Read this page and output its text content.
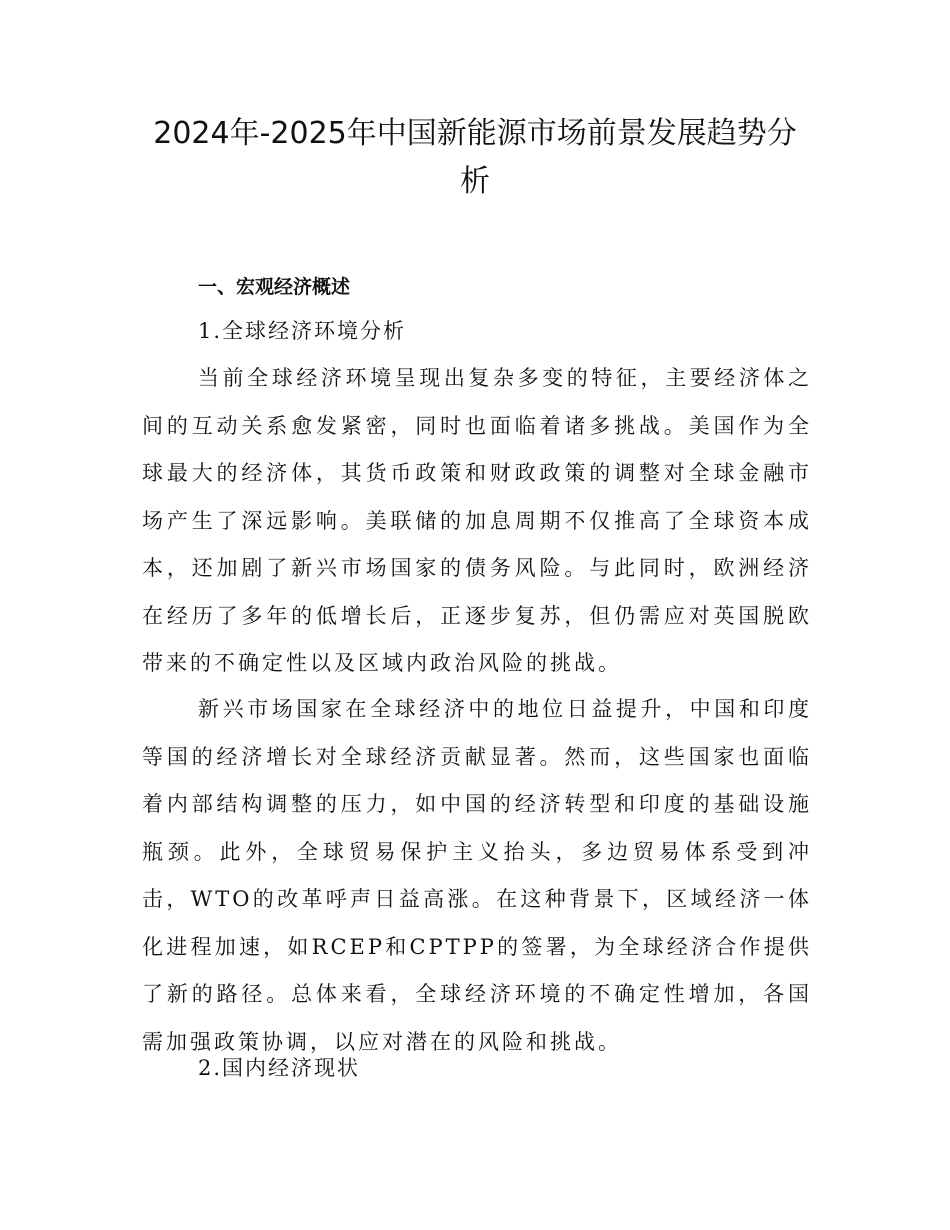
2024年-2025年中国新能源市场前景发展趋势分析
一、宏观经济概述
1.全球经济环境分析

当前全球经济环境呈现出复杂多变的特征，主要经济体之间的互动关系愈发紧密，同时也面临着诸多挑战。美国作为全球最大的经济体，其货币政策和财政政策的调整对全球金融市场产生了深远影响。美联储的加息周期不仅推高了全球资本成本，还加剧了新兴市场国家的债务风险。与此同时，欧洲经济在经历了多年的低增长后，正逐步复苏，但仍需应对英国脱欧带来的不确定性以及区域内政治风险的挑战。

新兴市场国家在全球经济中的地位日益提升，中国和印度等国的经济增长对全球经济贡献显著。然而，这些国家也面临着内部结构调整的压力，如中国的经济转型和印度的基础设施瓶颈。此外，全球贸易保护主义抬头，多边贸易体系受到冲击，WTO的改革呼声日益高涨。在这种背景下，区域经济一体化进程加速，如RCEP和CPTPP的签署，为全球经济合作提供了新的路径。总体来看，全球经济环境的不确定性增加，各国需加强政策协调，以应对潜在的风险和挑战。

2.国内经济现状
